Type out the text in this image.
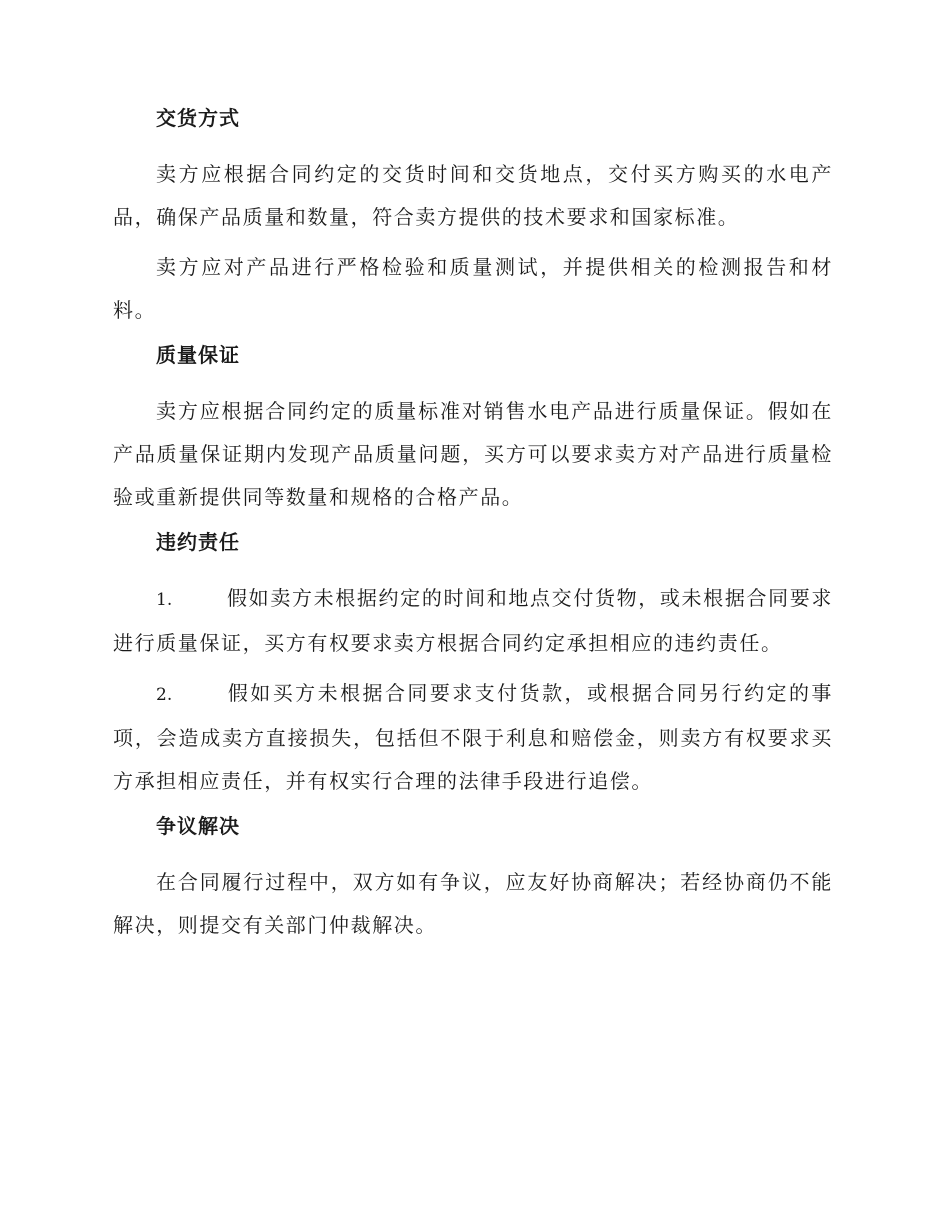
交货方式

卖方应根据合同约定的交货时间和交货地点，交付买方购买的水电产品，确保产品质量和数量，符合卖方提供的技术要求和国家标准。

卖方应对产品进行严格检验和质量测试，并提供相关的检测报告和材料。

质量保证

卖方应根据合同约定的质量标准对销售水电产品进行质量保证。假如在产品质量保证期内发现产品质量问题，买方可以要求卖方对产品进行质量检验或重新提供同等数量和规格的合格产品。

违约责任

1.	假如卖方未根据约定的时间和地点交付货物，或未根据合同要求进行质量保证，买方有权要求卖方根据合同约定承担相应的违约责任。

2.	假如买方未根据合同要求支付货款，或根据合同另行约定的事项，会造成卖方直接损失，包括但不限于利息和赔偿金，则卖方有权要求买方承担相应责任，并有权实行合理的法律手段进行追偿。

争议解决

在合同履行过程中，双方如有争议，应友好协商解决；若经协商仍不能解决，则提交有关部门仲裁解决。
